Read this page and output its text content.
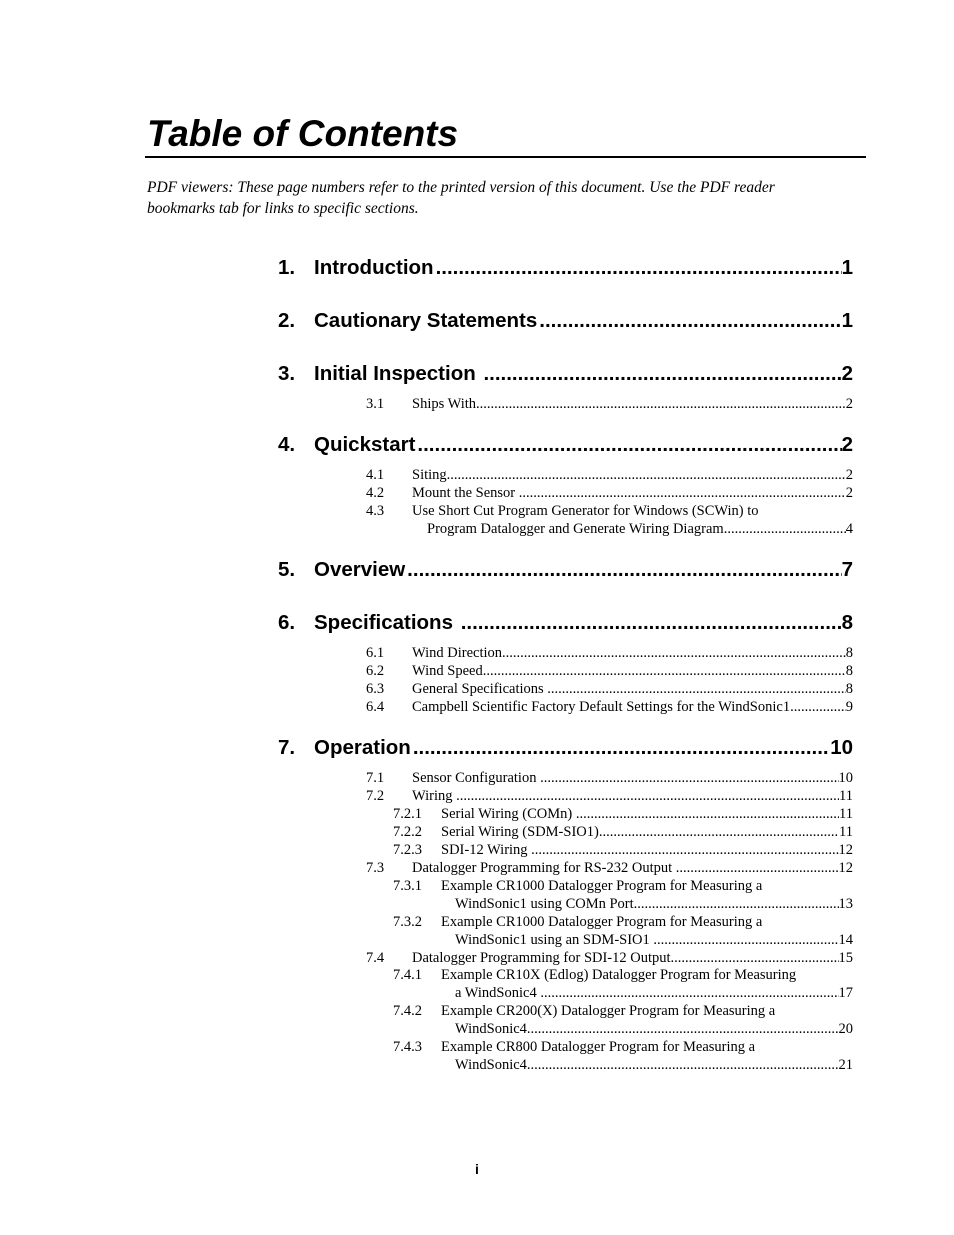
Table of Contents
PDF viewers: These page numbers refer to the printed version of this document. Use the PDF reader bookmarks tab for links to specific sections.
1. Introduction .....	1
2. Cautionary Statements .....	1
3. Initial Inspection .....	2
3.1	Ships With .....	2
4. Quickstart .....	2
4.1	Siting .....	2
4.2	Mount the Sensor .....	2
4.3 Use Short Cut Program Generator for Windows (SCWin) to
Program Datalogger and Generate Wiring Diagram. .....	4
5. Overview .....	7
6. Specifications .....	8
6.1	Wind Direction .....	8
6.2	Wind Speed .....	8
6.3	General Specifications .....	8
6.4	Campbell Scientific Factory Default Settings for the WindSonic1 .....	9
7. Operation .....	10
7.1	Sensor Configuration .....	10
7.2	Wiring .....	11
7.2.1	Serial Wiring (COMn) .....	11
7.2.2	Serial Wiring (SDM-SIO1) .....	11
7.2.3	SDI-12 Wiring .....	12
7.3	Datalogger Programming for RS-232 Output .....	12
7.3.1 Example CR1000 Datalogger Program for Measuring a
WindSonic1 using COMn Port .....	13
7.3.2 Example CR1000 Datalogger Program for Measuring a
WindSonic1 using an SDM-SIO1 .....	14
7.4	Datalogger Programming for SDI-12 Output .....	15
7.4.1 Example CR10X (Edlog) Datalogger Program for Measuring
a WindSonic4 .....	17
7.4.2 Example CR200(X) Datalogger Program for Measuring a
WindSonic4 .....	20
7.4.3 Example CR800 Datalogger Program for Measuring a
WindSonic4 .....	21
i
